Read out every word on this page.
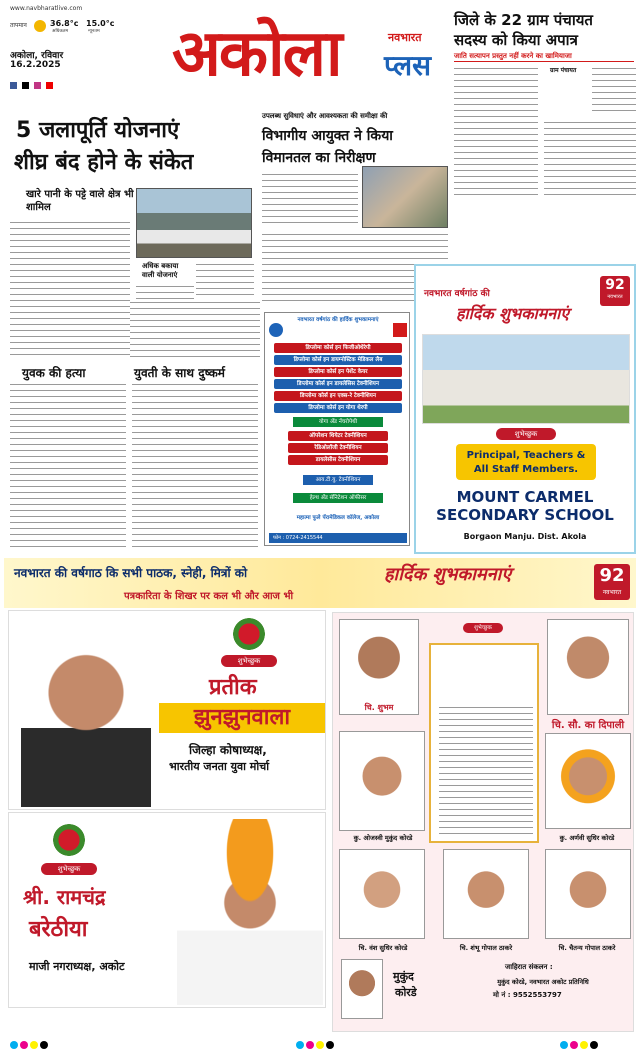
www.navbharatlive.com
तापमान	36.8°c
अधिकतम
15.0°c
न्यूनतम
अकोला, रविवार
16.2.2025
अकोला	नवभारत
प्लस
जिले के 22 ग्राम पंचायत
सदस्य को किया अपात्र
जाति सत्यापन प्रस्तुत नहीं करने का खामियाजा
ग्राम पंचायत
5 जलापूर्ति योजनाएं
शीघ्र बंद होने के संकेत
खारे पानी के पट्टे वाले क्षेत्र भी शामिल
अधिक बकाया वाली योजनाएं
उपलब्ध सुविधाएं और आवश्यकता की समीक्षा की
विभागीय आयुक्त ने किया
विमानतल का निरीक्षण
युवक की हत्या	युवती के साथ दुष्कर्म
नवभारत वर्षगांठ की हार्दिक शुभकामनाएं
डिप्लोमा कोर्स इन फिजीओथेरेपी
डिप्लोमा कोर्स इन डायग्नोस्टिक मेडिकल लैब
डिप्लोमा कोर्स इन पेशेंट केयर
डिप्लोमा कोर्स इन डायलेसिस टेक्नीशियन
डिप्लोमा कोर्स इन एक्स-रे टेक्नीशियन
डिप्लोमा कोर्स इन योगा थेरपी
योगा अँड नॅचरोपेथी
ऑपरेशन थियेटर टेक्नीशियन
रेडिओलॉजी टेक्नीशियन
डायलेसीस टेक्नीशियन
आय.टी.यु. टेक्नीशियन
हेल्थ अँड सॅनिटेशन ऑफीसर
महात्मा फुले पॅरामेडिकल कॉलेज, अकोला
फोन : 0724-2415544
नवभारत वर्षगांठ की
हार्दिक शुभकामनाएं
92
नवभारत
शुभेच्छुक
Principal, Teachers &
All Staff Members.
MOUNT CARMEL
SECONDARY SCHOOL
Borgaon Manju. Dist. Akola
नवभारत की वर्षगाठ कि सभी पाठक, स्नेही, मित्रों को	हार्दिक शुभकामनाएं
पत्रकारिता के शिखर पर कल भी और आज भी
92
नवभारत
शुभेच्छुक
प्रतीक
झुनझुनवाला
जिल्हा कोषाध्यक्ष,
भारतीय जनता युवा मोर्चा
शुभेच्छुक
श्री. रामचंद्र
बरेठीया
माजी नगराध्यक्ष, अकोट
चि. शुभम
चि. सौ. का दिपाली
शुभेच्छुक
कु. ओजस्वी मुकुंद कोरडे	कु. अर्णवी सुधिर कोरडे
चि. वंश सुधिर कोरडे	चि. शंभू गोपाल ठाकरे	चि. चैतन्य गोपाल ठाकरे
मुकुंद
कोरडे
जाहिरात संकलन :
मुकुंद कोरडे, नवभारत अकोट प्रतिनिधि
मो नं : 9552553797
